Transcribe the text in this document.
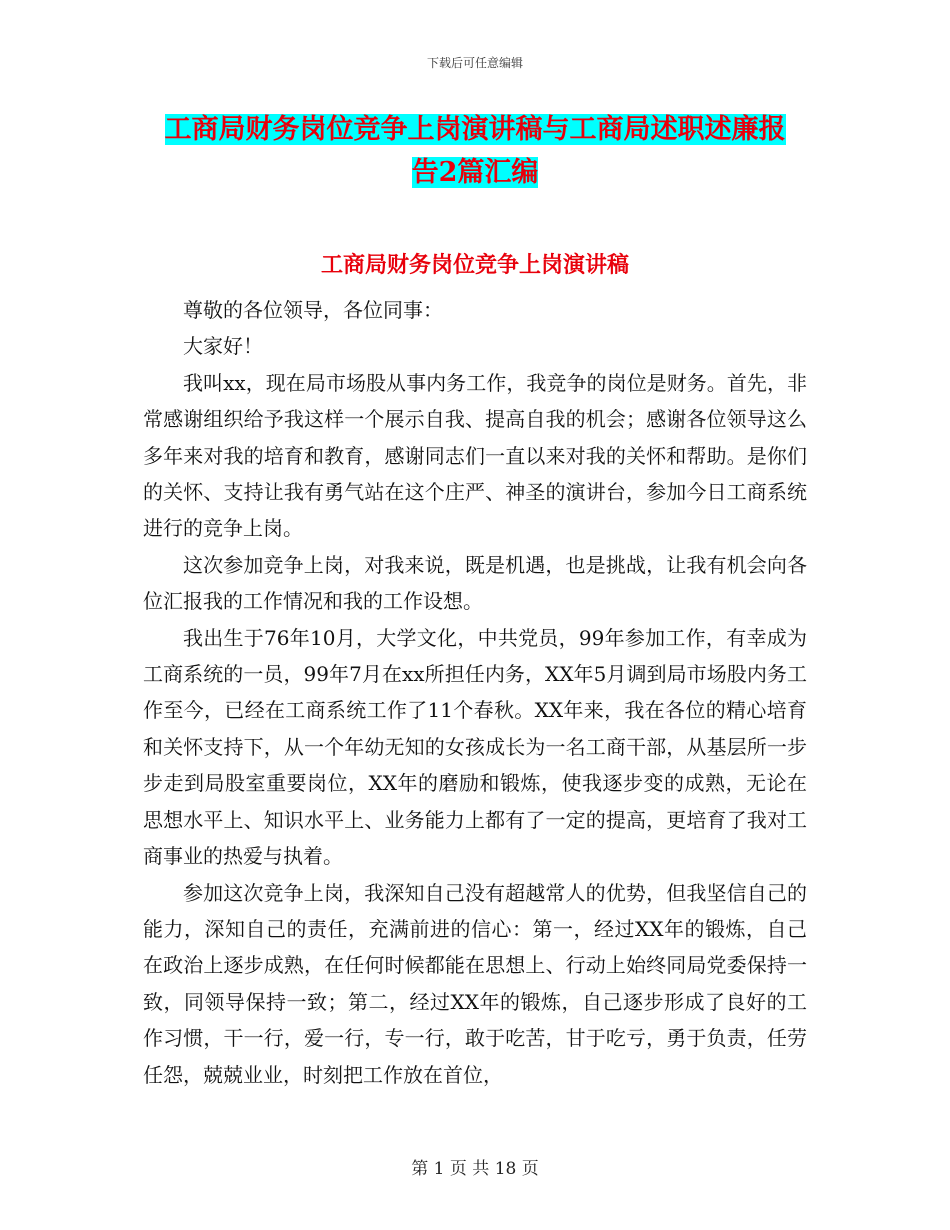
下载后可任意编辑
工商局财务岗位竞争上岗演讲稿与工商局述职述廉报
告2篇汇编
工商局财务岗位竞争上岗演讲稿

尊敬的各位领导，各位同事：

大家好！

我叫xx，现在局市场股从事内务工作，我竞争的岗位是财务。首先，非常感谢组织给予我这样一个展示自我、提高自我的机会；感谢各位领导这么多年来对我的培育和教育，感谢同志们一直以来对我的关怀和帮助。是你们的关怀、支持让我有勇气站在这个庄严、神圣的演讲台，参加今日工商系统进行的竞争上岗。

这次参加竞争上岗，对我来说，既是机遇，也是挑战，让我有机会向各位汇报我的工作情况和我的工作设想。

我出生于76年10月，大学文化，中共党员，99年参加工作，有幸成为工商系统的一员，99年7月在xx所担任内务，XX年5月调到局市场股内务工作至今，已经在工商系统工作了11个春秋。XX年来，我在各位的精心培育和关怀支持下，从一个年幼无知的女孩成长为一名工商干部，从基层所一步步走到局股室重要岗位，XX年的磨励和锻炼，使我逐步变的成熟，无论在思想水平上、知识水平上、业务能力上都有了一定的提高，更培育了我对工商事业的热爱与执着。

参加这次竞争上岗，我深知自己没有超越常人的优势，但我坚信自己的能力，深知自己的责任，充满前进的信心：第一，经过XX年的锻炼，自己在政治上逐步成熟，在任何时候都能在思想上、行动上始终同局党委保持一致，同领导保持一致；第二，经过XX年的锻炼，自己逐步形成了良好的工作习惯，干一行，爱一行，专一行，敢于吃苦，甘于吃亏，勇于负责，任劳任怨，兢兢业业，时刻把工作放在首位，

第 1 页 共 18 页
